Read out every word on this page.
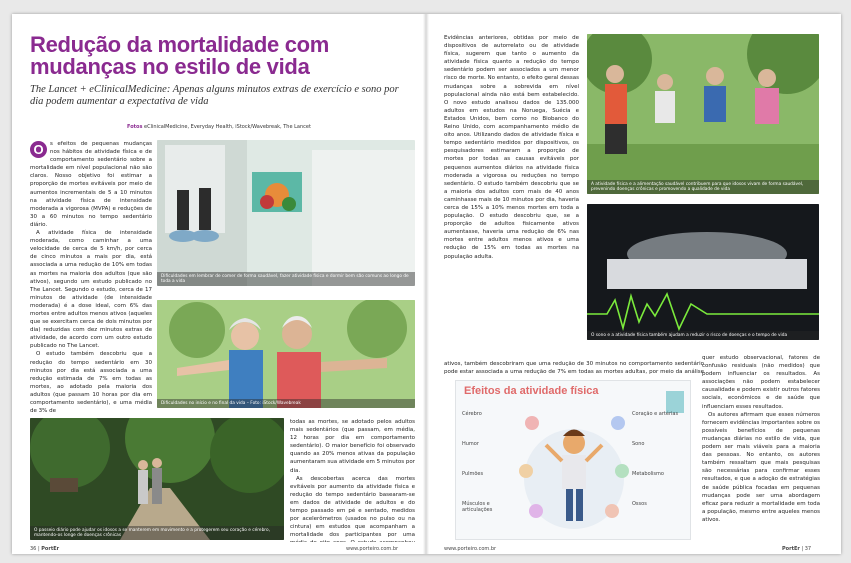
Redução da mortalidade com mudanças no estilo de vida

The Lancet + eClinicalMedicine: Apenas alguns minutos extras de exercício e sono por dia podem aumentar a expectativa de vida

Fotos eClinicalMedicine, Everyday Health, iStock/Wavebreak, The Lancet

O	s efeitos de pequenas mudanças nos hábitos de atividade física e de comportamento sedentário sobre a mortalidade em nível populacional não são claros. Nosso objetivo foi estimar a proporção de mortes evitáveis por meio de aumentos incrementais de 5 a 10 minutos na atividade física de intensidade moderada a vigorosa (MVPA) e reduções de 30 a 60 minutos no tempo sedentário diário.

A atividade física de intensidade moderada, como caminhar a uma velocidade de cerca de 5 km/h, por cerca de cinco minutos a mais por dia, está associada a uma redução de 10% em todas as mortes na maioria dos adultos (que são ativos), segundo um estudo publicado no The Lancet. Segundo o estudo, cerca de 17 minutos de atividade (de intensidade moderada) é a dose ideal, com 6% das mortes entre adultos menos ativos (aqueles que se exercitam cerca de dois minutos por dia) reduzidas com dez minutos extras de atividade, de acordo com um outro estudo publicado no The Lancet.

O estudo também descobriu que a redução do tempo sedentário em 30 minutos por dia está associada a uma redução estimada de 7% em todas as mortes, ao adotado pela maioria dos adultos (que passam 10 horas por dia em comportamento sedentário), e uma média de 3% de

Dificuldades em lembrar de comer de forma saudável, fazer atividade física e dormir bem são comuns ao longo de toda a vida
Dificuldades no início e no final da vida – Foto: iStock/Wavebreak
O passeio diário pode ajudar os idosos a se manterem em movimento e a protegerem seu coração e cérebro, mantendo-os longe de doenças crônicas

todas as mortes, se adotado pelos adultos mais sedentários (que passam, em média, 12 horas por dia em comportamento sedentário). O maior benefício foi observado quando as 20% menos ativas da população aumentaram sua atividade em 5 minutos por dia.

As descobertas acerca das mortes evitáveis por aumento da atividade física e redução do tempo sedentário basearam-se em dados de atividade de adultos e do tempo passado em pé e sentado, medidos por acelerômetros (usados no pulso ou na cintura) em estudos que acompanham a mortalidade dos participantes por uma

36 | PortEr	www.porteiro.com.br

Evidências anteriores, obtidas por meio de dispositivos de autorrelato ou de atividade física, sugerem que tanto o aumento da atividade física quanto a redução do tempo sedentário podem ser associados a um menor risco de morte. No entanto, o efeito geral dessas mudanças sobre a sobrevida em nível populacional ainda não está bem estabelecido. O novo estudo analisou dados de 135.000 adultos em estudos na Noruega, Suécia e Estados Unidos, bem como no Biobanco do Reino Unido, com acompanhamento médio de oito anos. Utilizando dados de atividade física e tempo sedentário medidos por dispositivos, os pesquisadores estimaram a proporção de mortes por todas as causas evitáveis por pequenos aumentos diários na atividade física moderada a vigorosa ou reduções no tempo sedentário. O estudo também descobriu que se a maioria dos adultos com mais de 40 anos caminhasse mais de 10 minutos por dia, haveria cerca de 15% a 10% menos mortes em toda a população. O estudo descobriu que, se a proporção de adultos fisicamente ativos aumentasse, haveria uma redução de 6% nas mortes entre adultos menos ativos e uma redução de 15% em todas as mortes na população adulta.

A atividade física e a alimentação saudável contribuem para que idosos vivam de forma saudável, prevenindo doenças crônicas e promovendo a qualidade de vida
O sono e a atividade física também ajudam a reduzir o risco de doenças e o tempo de vida

ativos, também descobriram que uma redução de 30 minutos no comportamento sedentário pode estar associada a uma redução de 7% em todas as mortes adultas, por meio da análise

quer estudo observacional, fatores de confusão residuais (não medidos) que podem influenciar os resultados. As associações não podem estabelecer causalidade e podem existir outros fatores sociais, econômicos e de saúde que influenciam esses resultados.

Os autores afirmam que esses números fornecem evidências importantes sobre os possíveis benefícios de pequenas mudanças diárias no estilo de vida, que podem ser mais viáveis para a maioria das pessoas. No entanto, os autores também ressaltam que mais pesquisas são necessárias para confirmar esses resultados, e que a adoção de estratégias de saúde pública focadas em pequenas mudanças pode ser uma abordagem eficaz para reduzir a mortalidade em toda a população, mesmo entre aqueles menos ativos.

Efeitos da atividade física
Cérebro
Humor
Pulmões
Músculos e articulações
Coração e artérias
Sono
Metabolismo
Ossos
www.porteiro.com.br	PortEr | 37
